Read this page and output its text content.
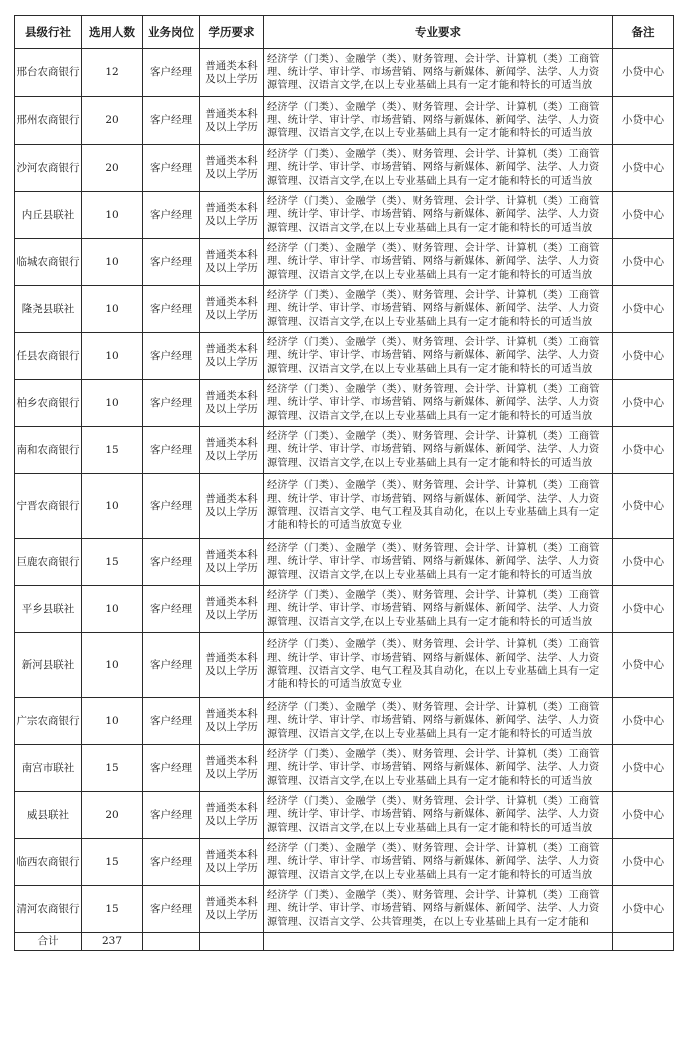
县级行社	选用人数	业务岗位	学历要求	专业要求	备注
邢台农商银行	12	客户经理	普通类本科及以上学历	经济学（门类）、金融学（类）、财务管理、会计学、计算机（类）工商管理、统计学、审计学、市场营销、网络与新媒体、新闻学、法学、人力资源管理、汉语言文学,在以上专业基础上具有一定才能和特长的可适当放	小贷中心
邢州农商银行	20	客户经理	普通类本科及以上学历	经济学（门类）、金融学（类）、财务管理、会计学、计算机（类）工商管理、统计学、审计学、市场营销、网络与新媒体、新闻学、法学、人力资源管理、汉语言文学,在以上专业基础上具有一定才能和特长的可适当放	小贷中心
沙河农商银行	20	客户经理	普通类本科及以上学历	经济学（门类）、金融学（类）、财务管理、会计学、计算机（类）工商管理、统计学、审计学、市场营销、网络与新媒体、新闻学、法学、人力资源管理、汉语言文学,在以上专业基础上具有一定才能和特长的可适当放	小贷中心
内丘县联社	10	客户经理	普通类本科及以上学历	经济学（门类）、金融学（类）、财务管理、会计学、计算机（类）工商管理、统计学、审计学、市场营销、网络与新媒体、新闻学、法学、人力资源管理、汉语言文学,在以上专业基础上具有一定才能和特长的可适当放	小贷中心
临城农商银行	10	客户经理	普通类本科及以上学历	经济学（门类）、金融学（类）、财务管理、会计学、计算机（类）工商管理、统计学、审计学、市场营销、网络与新媒体、新闻学、法学、人力资源管理、汉语言文学,在以上专业基础上具有一定才能和特长的可适当放	小贷中心
隆尧县联社	10	客户经理	普通类本科及以上学历	经济学（门类）、金融学（类）、财务管理、会计学、计算机（类）工商管理、统计学、审计学、市场营销、网络与新媒体、新闻学、法学、人力资源管理、汉语言文学,在以上专业基础上具有一定才能和特长的可适当放	小贷中心
任县农商银行	10	客户经理	普通类本科及以上学历	经济学（门类）、金融学（类）、财务管理、会计学、计算机（类）工商管理、统计学、审计学、市场营销、网络与新媒体、新闻学、法学、人力资源管理、汉语言文学,在以上专业基础上具有一定才能和特长的可适当放	小贷中心
柏乡农商银行	10	客户经理	普通类本科及以上学历	经济学（门类）、金融学（类）、财务管理、会计学、计算机（类）工商管理、统计学、审计学、市场营销、网络与新媒体、新闻学、法学、人力资源管理、汉语言文学,在以上专业基础上具有一定才能和特长的可适当放	小贷中心
南和农商银行	15	客户经理	普通类本科及以上学历	经济学（门类）、金融学（类）、财务管理、会计学、计算机（类）工商管理、统计学、审计学、市场营销、网络与新媒体、新闻学、法学、人力资源管理、汉语言文学,在以上专业基础上具有一定才能和特长的可适当放	小贷中心
宁晋农商银行	10	客户经理	普通类本科及以上学历	经济学（门类）、金融学（类）、财务管理、会计学、计算机（类）工商管理、统计学、审计学、市场营销、网络与新媒体、新闻学、法学、人力资源管理、汉语言文学、电气工程及其自动化，在以上专业基础上具有一定才能和特长的可适当放宽专业	小贷中心
巨鹿农商银行	15	客户经理	普通类本科及以上学历	经济学（门类）、金融学（类）、财务管理、会计学、计算机（类）工商管理、统计学、审计学、市场营销、网络与新媒体、新闻学、法学、人力资源管理、汉语言文学,在以上专业基础上具有一定才能和特长的可适当放	小贷中心
平乡县联社	10	客户经理	普通类本科及以上学历	经济学（门类）、金融学（类）、财务管理、会计学、计算机（类）工商管理、统计学、审计学、市场营销、网络与新媒体、新闻学、法学、人力资源管理、汉语言文学,在以上专业基础上具有一定才能和特长的可适当放	小贷中心
新河县联社	10	客户经理	普通类本科及以上学历	经济学（门类）、金融学（类）、财务管理、会计学、计算机（类）工商管理、统计学、审计学、市场营销、网络与新媒体、新闻学、法学、人力资源管理、汉语言文学、电气工程及其自动化，在以上专业基础上具有一定才能和特长的可适当放宽专业	小贷中心
广宗农商银行	10	客户经理	普通类本科及以上学历	经济学（门类）、金融学（类）、财务管理、会计学、计算机（类）工商管理、统计学、审计学、市场营销、网络与新媒体、新闻学、法学、人力资源管理、汉语言文学,在以上专业基础上具有一定才能和特长的可适当放	小贷中心
南宫市联社	15	客户经理	普通类本科及以上学历	经济学（门类）、金融学（类）、财务管理、会计学、计算机（类）工商管理、统计学、审计学、市场营销、网络与新媒体、新闻学、法学、人力资源管理、汉语言文学,在以上专业基础上具有一定才能和特长的可适当放	小贷中心
威县联社	20	客户经理	普通类本科及以上学历	经济学（门类）、金融学（类）、财务管理、会计学、计算机（类）工商管理、统计学、审计学、市场营销、网络与新媒体、新闻学、法学、人力资源管理、汉语言文学,在以上专业基础上具有一定才能和特长的可适当放	小贷中心
临西农商银行	15	客户经理	普通类本科及以上学历	经济学（门类）、金融学（类）、财务管理、会计学、计算机（类）工商管理、统计学、审计学、市场营销、网络与新媒体、新闻学、法学、人力资源管理、汉语言文学,在以上专业基础上具有一定才能和特长的可适当放	小贷中心
清河农商银行	15	客户经理	普通类本科及以上学历	经济学（门类）、金融学（类）、财务管理、会计学、计算机（类）工商管理、统计学、审计学、市场营销、网络与新媒体、新闻学、法学、人力资源管理、汉语言文学、公共管理类，在以上专业基础上具有一定才能和	小贷中心
合计	237				
